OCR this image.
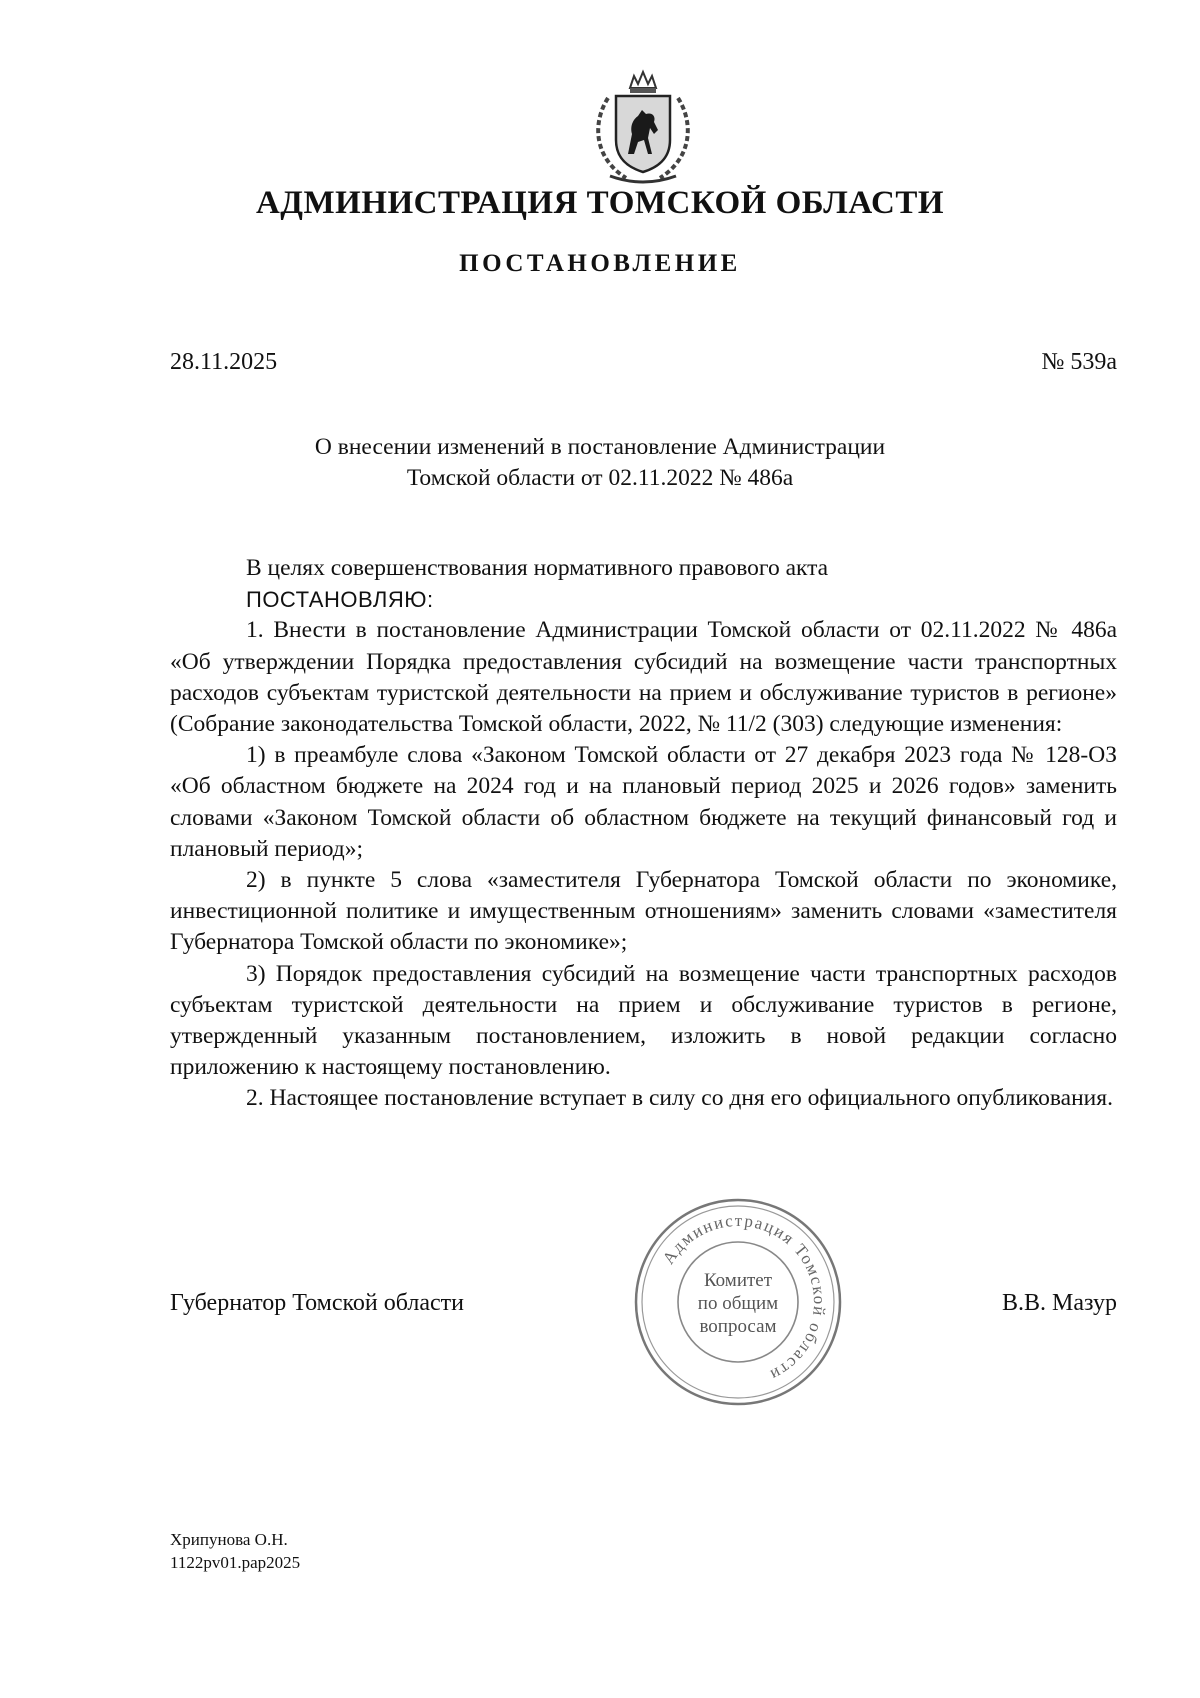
АДМИНИСТРАЦИЯ ТОМСКОЙ ОБЛАСТИ
ПОСТАНОВЛЕНИЕ
28.11.2025	№ 539а
О внесении изменений в постановление Администрации
Томской области от 02.11.2022 № 486а

В целях совершенствования нормативного правового акта

ПОСТАНОВЛЯЮ:

1. Внести в постановление Администрации Томской области от 02.11.2022 № 486а «Об утверждении Порядка предоставления субсидий на возмещение части транспортных расходов субъектам туристской деятельности на прием и обслуживание туристов в регионе» (Собрание законодательства Томской области, 2022, № 11/2 (303) следующие изменения:

1) в преамбуле слова «Законом Томской области от 27 декабря 2023 года № 128-ОЗ «Об областном бюджете на 2024 год и на плановый период 2025 и 2026 годов» заменить словами «Законом Томской области об областном бюджете на текущий финансовый год и плановый период»;

2) в пункте 5 слова «заместителя Губернатора Томской области по экономике, инвестиционной политике и имущественным отношениям» заменить словами «заместителя Губернатора Томской области по экономике»;

3) Порядок предоставления субсидий на возмещение части транспортных расходов субъектам туристской деятельности на прием и обслуживание туристов в регионе, утвержденный указанным постановлением, изложить в новой редакции согласно приложению к настоящему постановлению.

2. Настоящее постановление вступает в силу со дня его официального опубликования.

Губернатор Томской области	В.В. Мазур
Администрация Томской области
Комитет
по общим
вопросам
Хрипунова О.Н.
1122pv01.pap2025
